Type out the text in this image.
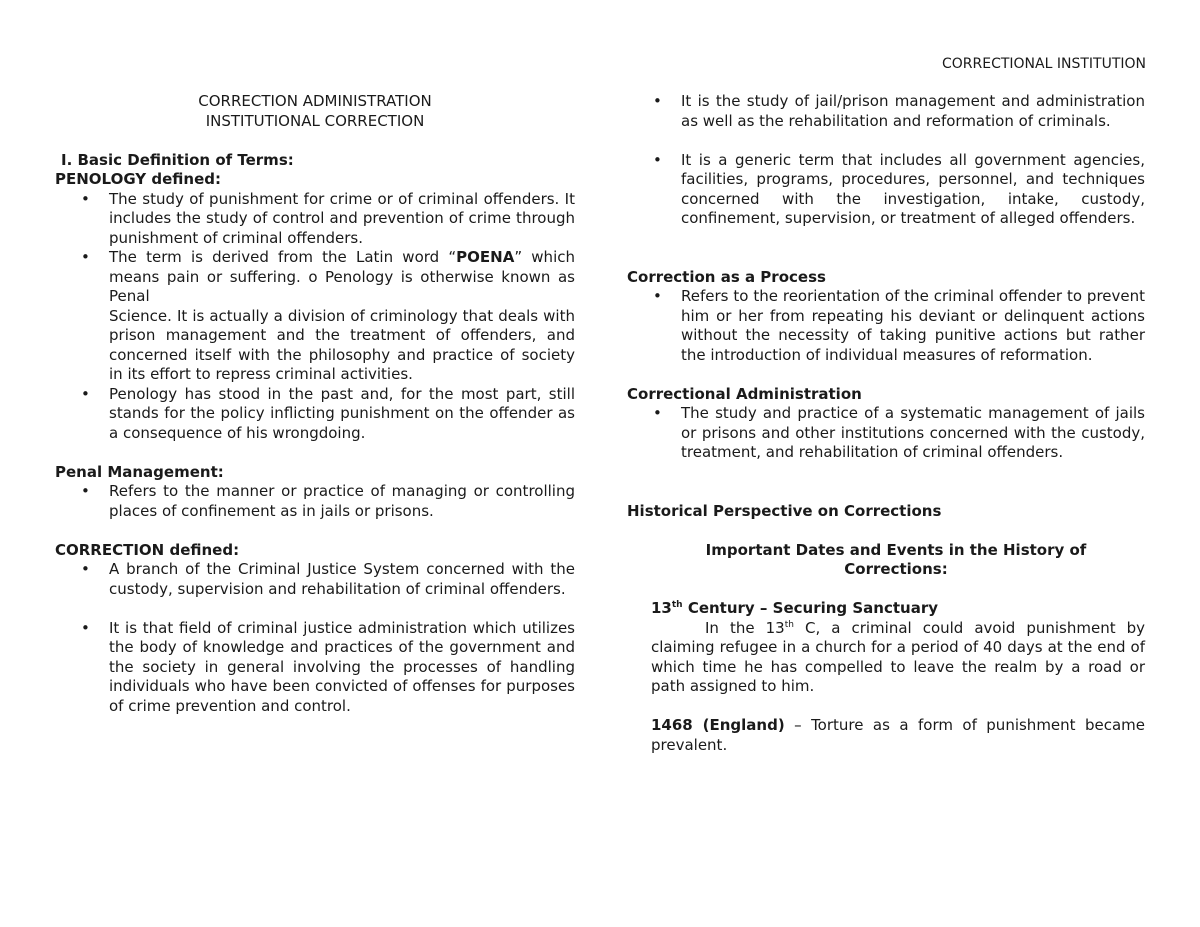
CORRECTIONAL INSTITUTION

CORRECTION ADMINISTRATION

INSTITUTIONAL CORRECTION

I. Basic Definition of Terms:

PENOLOGY defined:

• The study of punishment for crime or of criminal offenders. It includes the study of control and prevention of crime through punishment of criminal offenders.
• The term is derived from the Latin word “POENA” which means pain or suffering. o Penology is otherwise known as Penal
Science. It is actually a division of criminology that deals with prison management and the treatment of offenders, and concerned itself with the philosophy and practice of society in its effort to repress criminal activities.
• Penology has stood in the past and, for the most part, still stands for the policy inflicting punishment on the offender as a consequence of his wrongdoing.

Penal Management:

• Refers to the manner or practice of managing or controlling places of confinement as in jails or prisons.

CORRECTION defined:

• A branch of the Criminal Justice System concerned with the custody, supervision and rehabilitation of criminal offenders.
• It is that field of criminal justice administration which utilizes the body of knowledge and practices of the government and the society in general involving the processes of handling individuals who have been convicted of offenses for purposes of crime prevention and control.
• It is the study of jail/prison management and administration as well as the rehabilitation and reformation of criminals.
• It is a generic term that includes all government agencies, facilities, programs, procedures, personnel, and techniques concerned with the investigation, intake, custody, confinement, supervision, or treatment of alleged offenders.

Correction as a Process

• Refers to the reorientation of the criminal offender to prevent him or her from repeating his deviant or delinquent actions without the necessity of taking punitive actions but rather the introduction of individual measures of reformation.

Correctional Administration

• The study and practice of a systematic management of jails or prisons and other institutions concerned with the custody, treatment, and rehabilitation of criminal offenders.

Historical Perspective on Corrections

Important Dates and Events in the History of Corrections:

13th Century – Securing Sanctuary

In the 13th C, a criminal could avoid punishment by claiming refugee in a church for a period of 40 days at the end of which time he has compelled to leave the realm by a road or path assigned to him.

1468 (England) – Torture as a form of punishment became prevalent.
